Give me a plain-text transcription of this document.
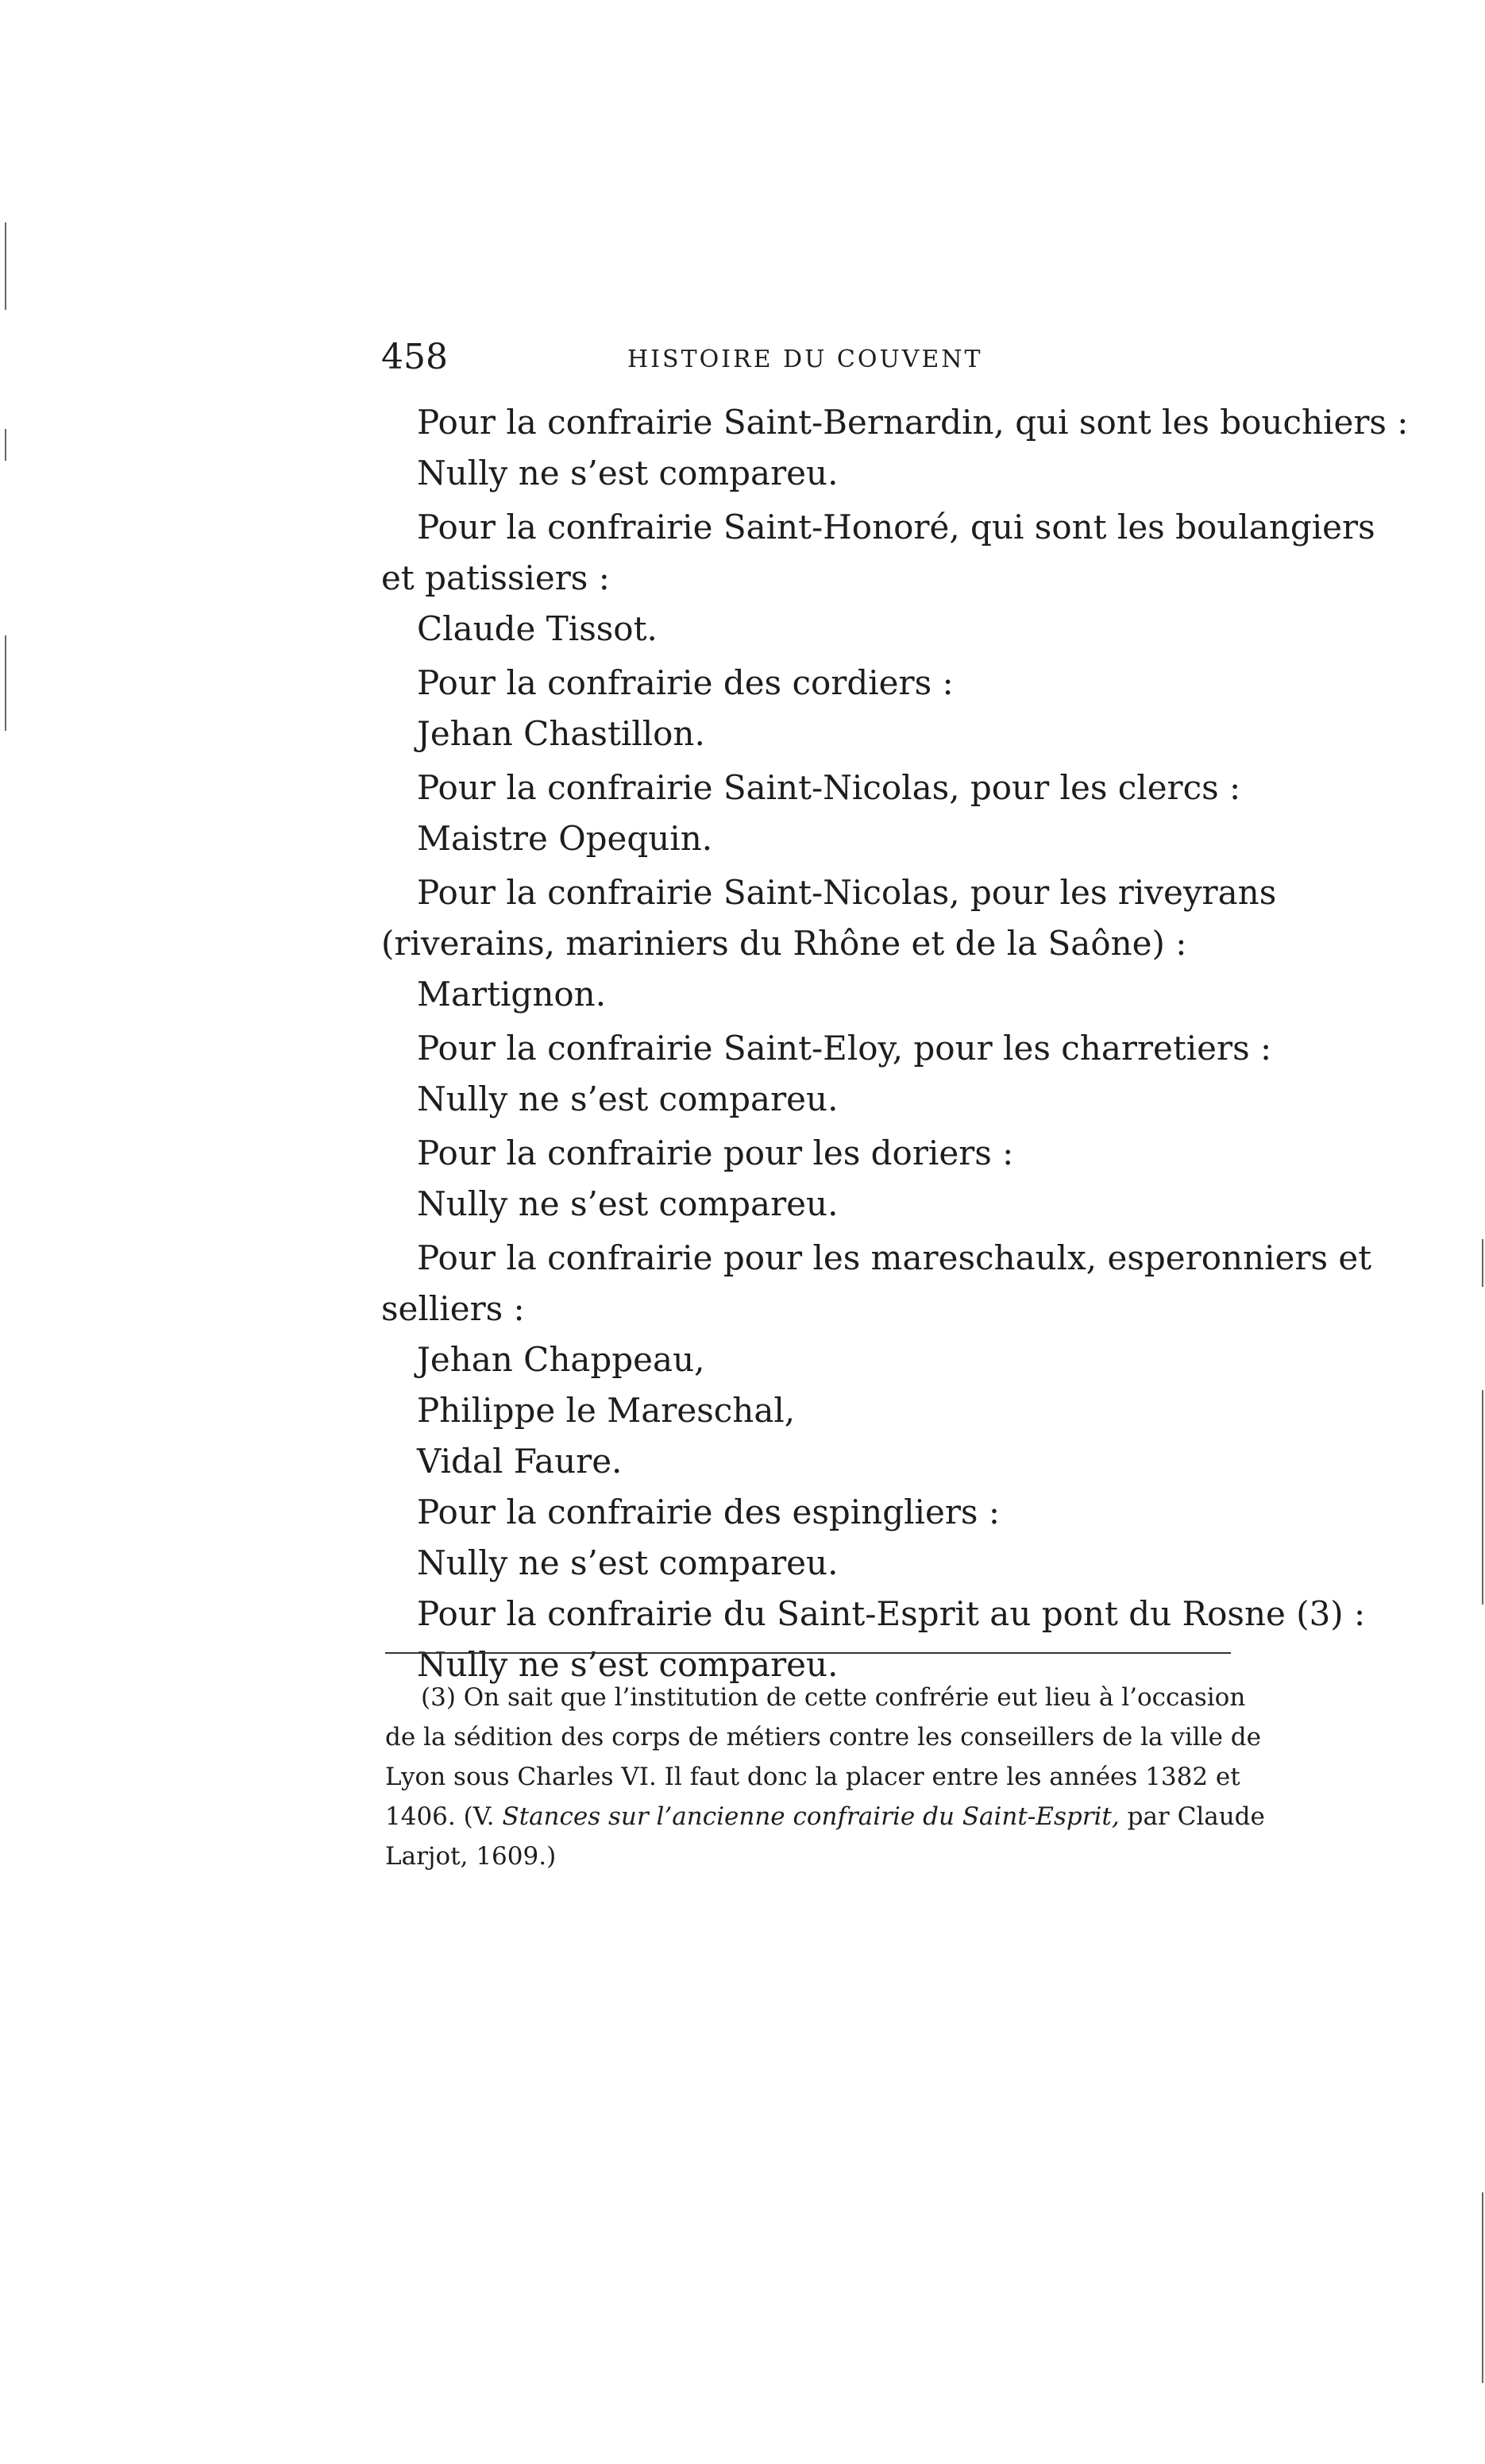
458	HISTOIRE DU COUVENT
Pour la confrairie Saint-Bernardin, qui sont les bouchiers :
Nully ne s’est compareu.
Pour la confrairie Saint-Honoré, qui sont les boulangiers
et patissiers :
Claude Tissot.
Pour la confrairie des cordiers :
Jehan Chastillon.
Pour la confrairie Saint-Nicolas, pour les clercs :
Maistre Opequin.
Pour la confrairie Saint-Nicolas, pour les riveyrans
(riverains, mariniers du Rhône et de la Saône) :
Martignon.
Pour la confrairie Saint-Eloy, pour les charretiers :
Nully ne s’est compareu.
Pour la confrairie pour les doriers :
Nully ne s’est compareu.
Pour la confrairie pour les mareschaulx, esperonniers et
selliers :
Jehan Chappeau,
Philippe le Mareschal,
Vidal Faure.
Pour la confrairie des espingliers :
Nully ne s’est compareu.
Pour la confrairie du Saint-Esprit au pont du Rosne (3) :
Nully ne s’est compareu.
(3) On sait que l’institution de cette confrérie eut lieu à l’occasion
de la sédition des corps de métiers contre les conseillers de la ville de
Lyon sous Charles VI. Il faut donc la placer entre les années 1382 et
1406. (V. Stances sur l’ancienne confrairie du Saint-Esprit, par Claude
Larjot, 1609.)
